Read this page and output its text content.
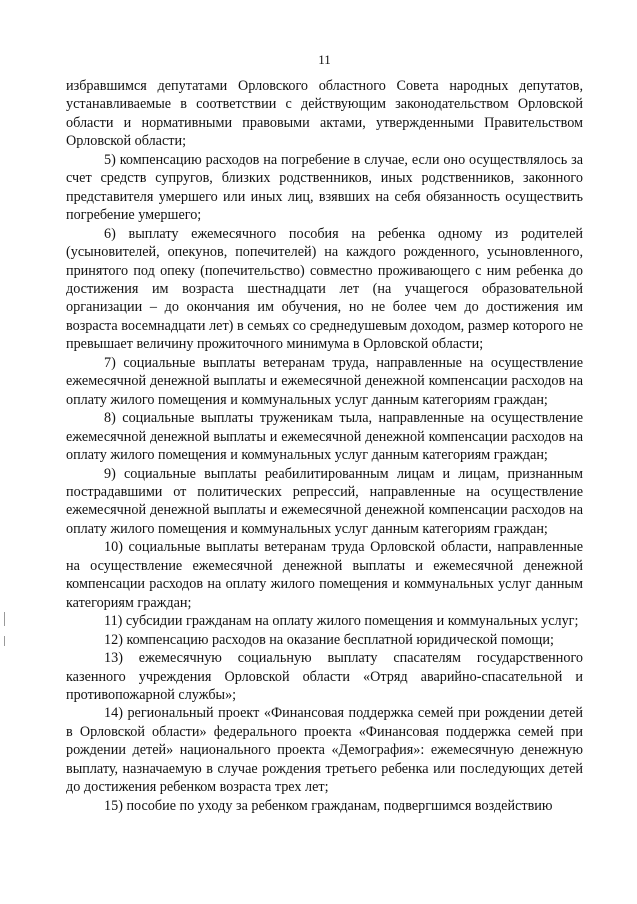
11

избравшимся депутатами Орловского областного Совета народных депутатов, устанавливаемые в соответствии с действующим законодательством Орловской области и нормативными правовыми актами, утвержденными Правительством Орловской области;

5) компенсацию расходов на погребение в случае, если оно осуществлялось за счет средств супругов, близких родственников, иных родственников, законного представителя умершего или иных лиц, взявших на себя обязанность осуществить погребение умершего;

6) выплату ежемесячного пособия на ребенка одному из родителей (усыновителей, опекунов, попечителей) на каждого рожденного, усыновленного, принятого под опеку (попечительство) совместно проживающего с ним ребенка до достижения им возраста шестнадцати лет (на учащегося образовательной организации – до окончания им обучения, но не более чем до достижения им возраста восемнадцати лет) в семьях со среднедушевым доходом, размер которого не превышает величину прожиточного минимума в Орловской области;

7) социальные выплаты ветеранам труда, направленные на осуществление ежемесячной денежной выплаты и ежемесячной денежной компенсации расходов на оплату жилого помещения и коммунальных услуг данным категориям граждан;

8) социальные выплаты труженикам тыла, направленные на осуществление ежемесячной денежной выплаты и ежемесячной денежной компенсации расходов на оплату жилого помещения и коммунальных услуг данным категориям граждан;

9) социальные выплаты реабилитированным лицам и лицам, признанным пострадавшими от политических репрессий, направленные на осуществление ежемесячной денежной выплаты и ежемесячной денежной компенсации расходов на оплату жилого помещения и коммунальных услуг данным категориям граждан;

10) социальные выплаты ветеранам труда Орловской области, направленные на осуществление ежемесячной денежной выплаты и ежемесячной денежной компенсации расходов на оплату жилого помещения и коммунальных услуг данным категориям граждан;

11) субсидии гражданам на оплату жилого помещения и коммунальных услуг;

12) компенсацию расходов на оказание бесплатной юридической помощи;

13) ежемесячную социальную выплату спасателям государственного казенного учреждения Орловской области «Отряд аварийно-спасательной и противопожарной службы»;

14) региональный проект «Финансовая поддержка семей при рождении детей в Орловской области» федерального проекта «Финансовая поддержка семей при рождении детей» национального проекта «Демография»: ежемесячную денежную выплату, назначаемую в случае рождения третьего ребенка или последующих детей до достижения ребенком возраста трех лет;

15) пособие по уходу за ребенком гражданам, подвергшимся воздействию
